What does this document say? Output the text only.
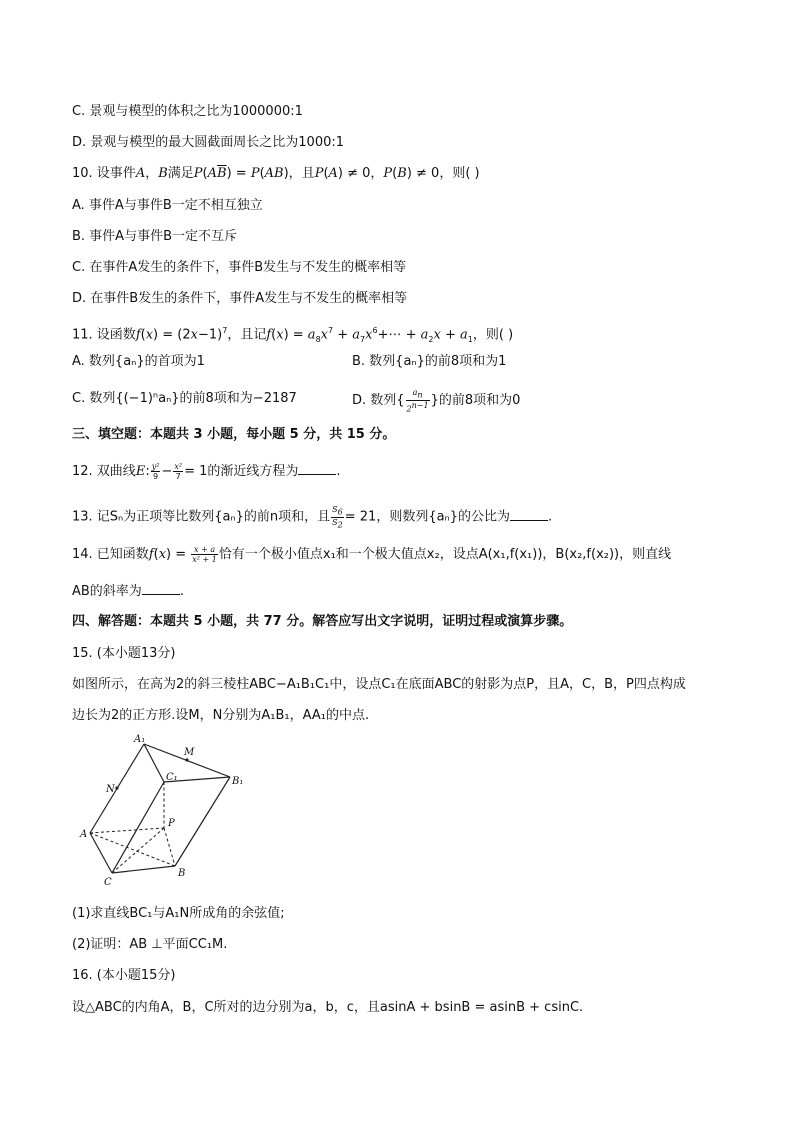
C. 景观与模型的体积之比为1000000:1
D. 景观与模型的最大圆截面周长之比为1000:1
10. 设事件A，B满足$P(A\overline{B}) = P(AB)$，且P(A) ≠ 0，P(B) ≠ 0，则( )
A. 事件A与事件B一定不相互独立
B. 事件A与事件B一定不互斥
C. 在事件A发生的条件下，事件B发生与不发生的概率相等
D. 在事件B发生的条件下，事件A发生与不发生的概率相等
11. 设函数$f(x) = (2x-1)^7$，且记$f(x) = a_8x^7$ + $a_7x^6+\cdots + a_2x + a_1$，则( )
A. 数列{aₙ}的首项为1	B. 数列{aₙ}的前8项和为1
C. 数列{(−1)ⁿaₙ}的前8项和为−2187	D. 数列{ $\frac{a_n}{2^{n-1}}$ }的前8项和为0
三、填空题：本题共 3 小题，每小题 5 分，共 15 分。
12. 双曲线E: $\frac{\text{y²}}{9} - \frac{\text{x²}}{7} = 1$的渐近线方程为	.
13. 记Sₙ为正项等比数列{aₙ}的前n项和，且 $\frac{S_6}{S_2} = 21$，则数列{aₙ}的公比为	.
14. 已知函数$f(x) = \frac{x + a}{\text{x² + 1}}$ 恰有一个极小值点x₁和一个极大值点x₂，设点A(x₁,f(x₁))，B(x₂,f(x₂))，则直线
AB的斜率为	.
四、解答题：本题共 5 小题，共 77 分。解答应写出文字说明，证明过程或演算步骤。
15. (本小题13分)
如图所示，在高为2的斜三棱柱ABC−A₁B₁C₁中，设点C₁在底面ABC的射影为点P，且A，C，B，P四点构成
边长为2的正方形.设M，N分别为A₁B₁，AA₁的中点.
A₁
M
C₁	B₁
N
P
A
C
B
(1)求直线BC₁与A₁N所成角的余弦值;
(2)证明：AB ⊥平面CC₁M.
16. (本小题15分)
设△ABC的内角A，B，C所对的边分别为a，b，c，且asinA + bsinB = asinB + csinC.
